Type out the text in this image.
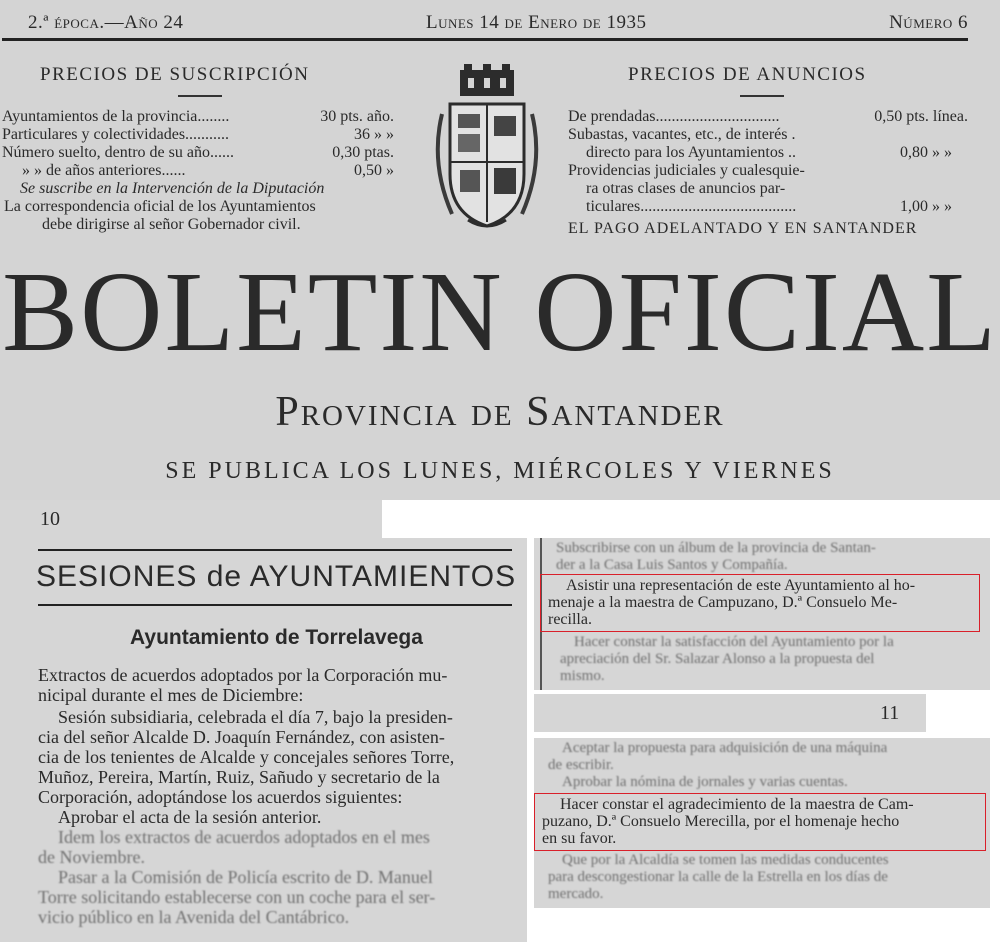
2.ª época.—Año 24	Lunes 14 de Enero de 1935	Número 6
PRECIOS DE SUSCRIPCIÓN
Ayuntamientos de la provincia........	30 pts. año.
Particulares y colectividades...........	36 » »
Número suelto, dentro de su año......	0,30 ptas.
» » de años anteriores......	0,50 »
Se suscribe en la Intervención de la Diputación
La correspondencia oficial de los Ayuntamientos
debe dirigirse al señor Gobernador civil.
PRECIOS DE ANUNCIOS
De prendadas...............................	0,50 pts. línea.
Subastas, vacantes, etc., de interés .
directo para los Ayuntamientos ..	0,80 » »
Providencias judiciales y cualesquie-
ra otras clases de anuncios par-
ticulares.......................................	1,00 » »
EL PAGO ADELANTADO Y EN SANTANDER
BOLETIN OFICIAL
Provincia de Santander
SE PUBLICA LOS LUNES, MIÉRCOLES Y VIERNES
10
SESIONES de AYUNTAMIENTOS
Ayuntamiento de Torrelavega
Extractos de acuerdos adoptados por la Corporación mu-
nicipal durante el mes de Diciembre:
Sesión subsidiaria, celebrada el día 7, bajo la presiden-
cia del señor Alcalde D. Joaquín Fernández, con asisten-
cia de los tenientes de Alcalde y concejales señores Torre,
Muñoz, Pereira, Martín, Ruiz, Sañudo y secretario de la
Corporación, adoptándose los acuerdos siguientes:
Aprobar el acta de la sesión anterior.
Idem los extractos de acuerdos adoptados en el mes
de Noviembre.
Pasar a la Comisión de Policía escrito de D. Manuel
Torre solicitando establecerse con un coche para el ser-
vicio público en la Avenida del Cantábrico.
Subscribirse con un álbum de la provincia de Santan-
der a la Casa Luis Santos y Compañía.
Asistir una representación de este Ayuntamiento al ho-
menaje a la maestra de Campuzano, D.ª Consuelo Me-
recilla.
Hacer constar la satisfacción del Ayuntamiento por la
apreciación del Sr. Salazar Alonso a la propuesta del
mismo.
11
Aceptar la propuesta para adquisición de una máquina
de escribir.
Aprobar la nómina de jornales y varias cuentas.
Hacer constar el agradecimiento de la maestra de Cam-
puzano, D.ª Consuelo Merecilla, por el homenaje hecho
en su favor.
Que por la Alcaldía se tomen las medidas conducentes
para descongestionar la calle de la Estrella en los días de
mercado.
